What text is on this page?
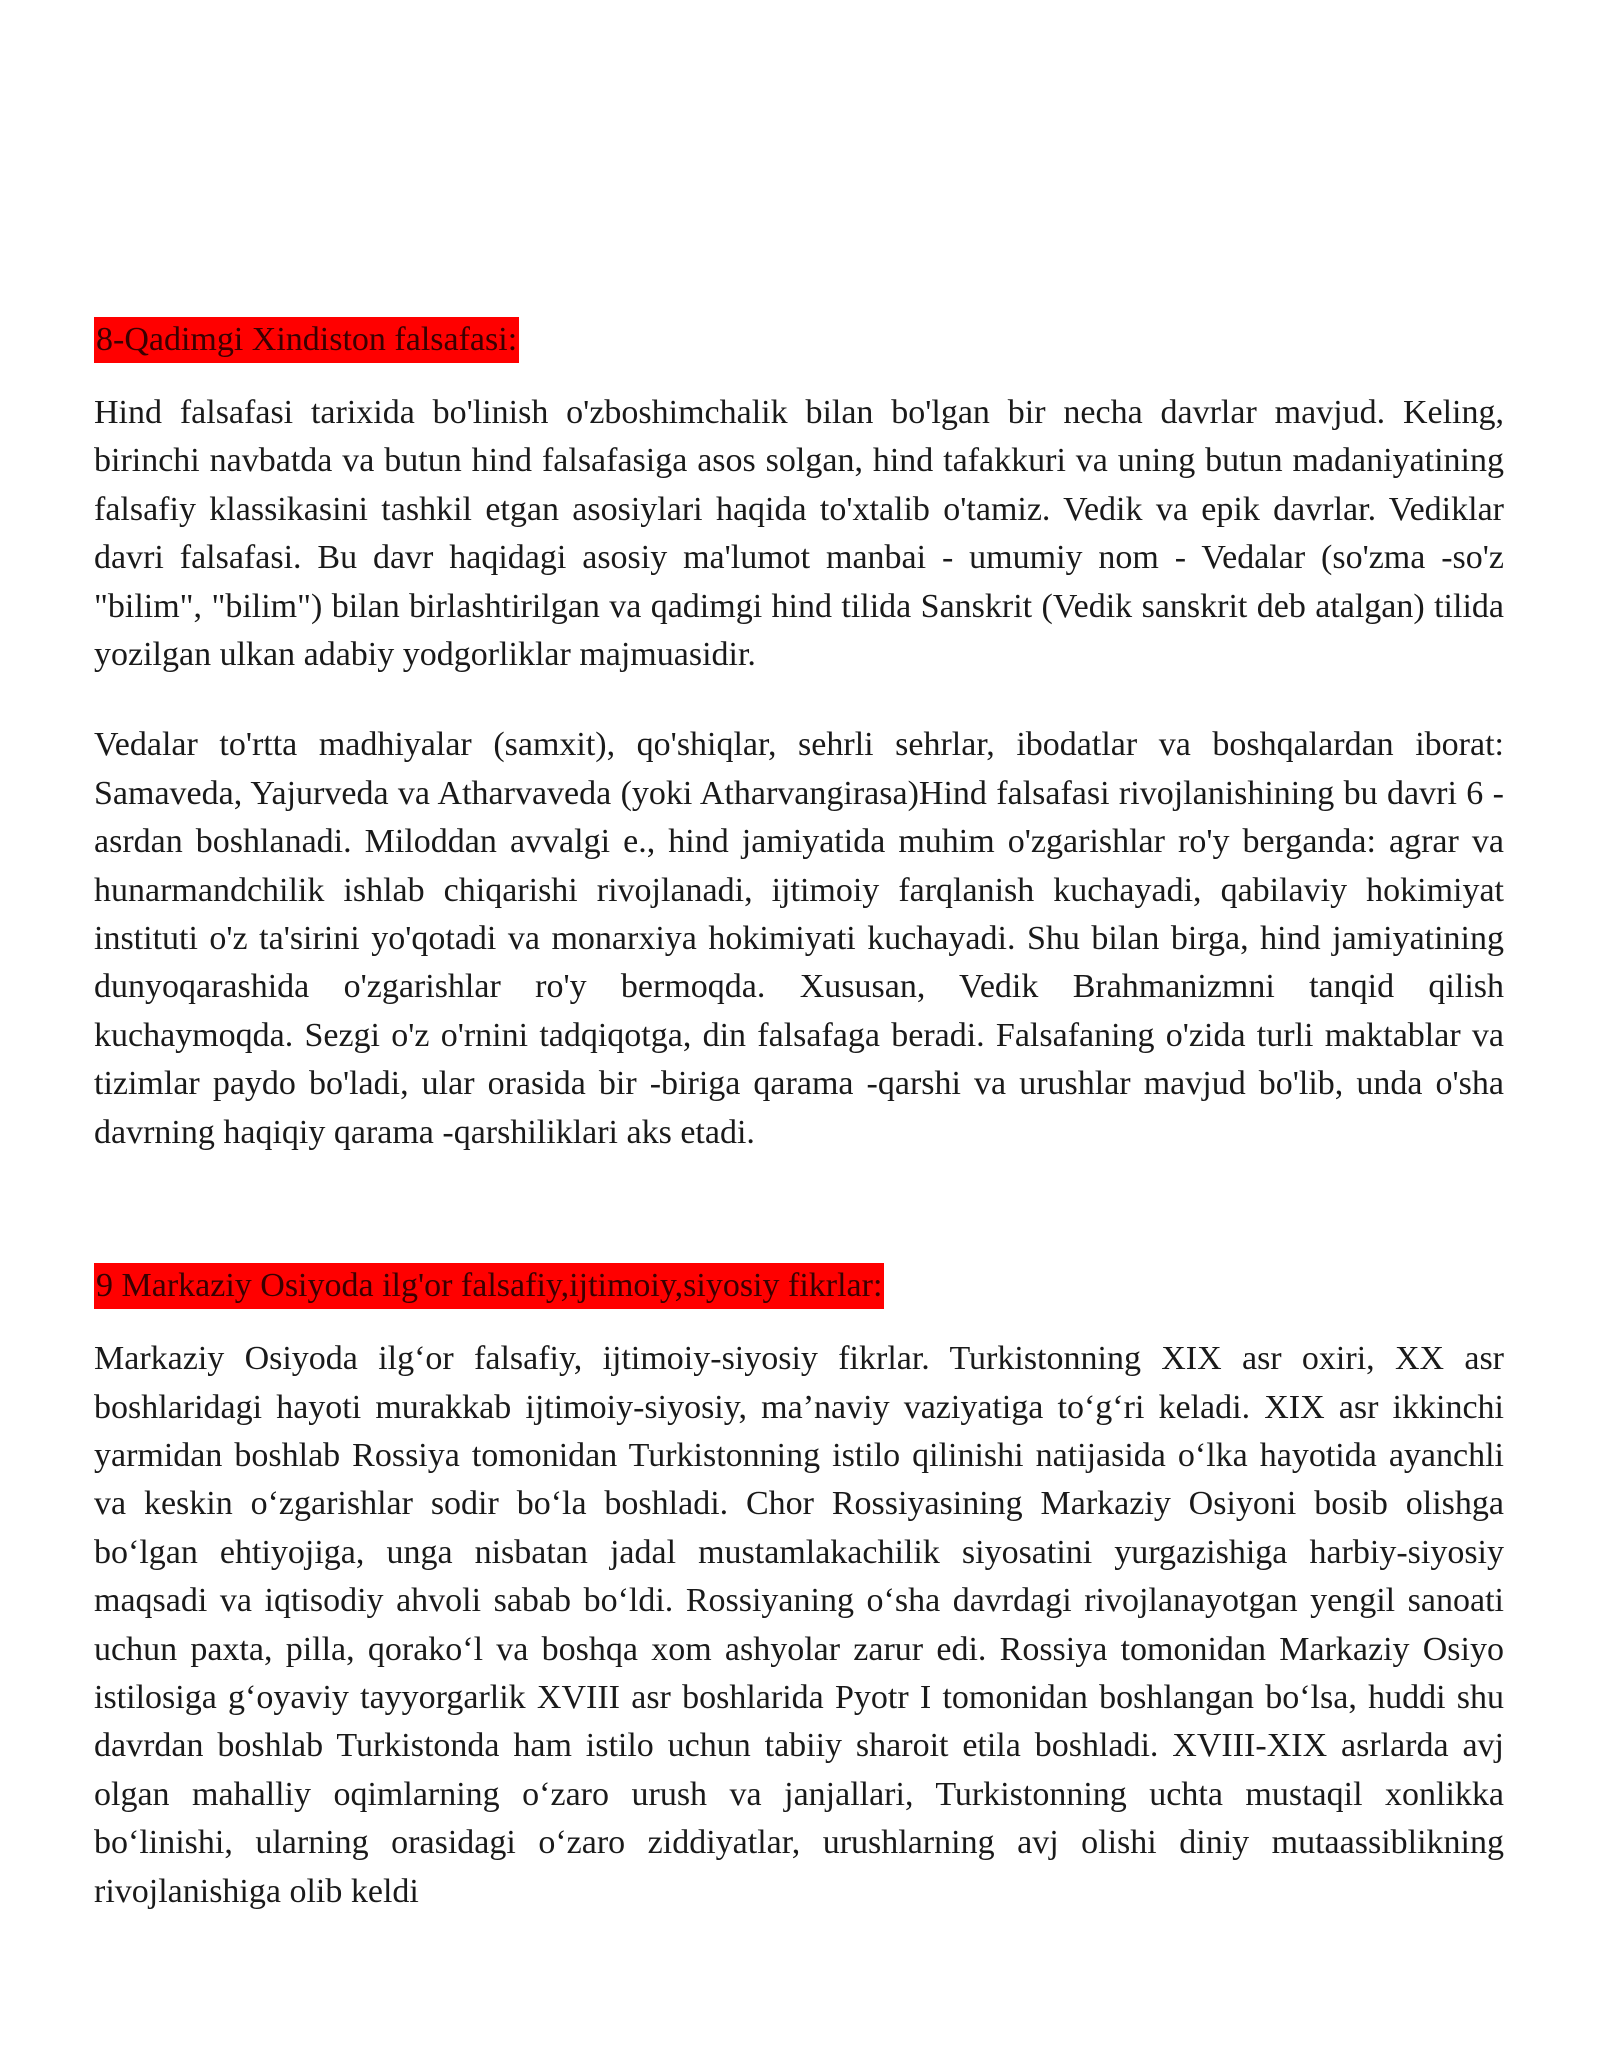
8-Qadimgi Xindiston falsafasi:

Hind falsafasi tarixida bo'linish o'zboshimchalik bilan bo'lgan bir necha davrlar mavjud. Keling, birinchi navbatda va butun hind falsafasiga asos solgan, hind tafakkuri va uning butun madaniyatining falsafiy klassikasini tashkil etgan asosiylari haqida to'xtalib o'tamiz. Vedik va epik davrlar. Vediklar davri falsafasi. Bu davr haqidagi asosiy ma'lumot manbai - umumiy nom - Vedalar (so'zma -so'z "bilim", "bilim") bilan birlashtirilgan va qadimgi hind tilida Sanskrit (Vedik sanskrit deb atalgan) tilida yozilgan ulkan adabiy yodgorliklar majmuasidir.

Vedalar to'rtta madhiyalar (samxit), qo'shiqlar, sehrli sehrlar, ibodatlar va boshqalardan iborat: Samaveda, Yajurveda va Atharvaveda (yoki Atharvangirasa)Hind falsafasi rivojlanishining bu davri 6 -asrdan boshlanadi. Miloddan avvalgi e., hind jamiyatida muhim o'zgarishlar ro'y berganda: agrar va hunarmandchilik ishlab chiqarishi rivojlanadi, ijtimoiy farqlanish kuchayadi, qabilaviy hokimiyat instituti o'z ta'sirini yo'qotadi va monarxiya hokimiyati kuchayadi. Shu bilan birga, hind jamiyatining dunyoqarashida o'zgarishlar ro'y bermoqda. Xususan, Vedik Brahmanizmni tanqid qilish kuchaymoqda. Sezgi o'z o'rnini tadqiqotga, din falsafaga beradi. Falsafaning o'zida turli maktablar va tizimlar paydo bo'ladi, ular orasida bir -biriga qarama -qarshi va urushlar mavjud bo'lib, unda o'sha davrning haqiqiy qarama -qarshiliklari aks etadi.

9 Markaziy Osiyoda ilg'or falsafiy,ijtimoiy,siyosiy fikrlar:

Markaziy Osiyoda ilg‘or falsafiy, ijtimoiy-siyosiy fikrlar. Turkistonning XIX asr oxiri, XX asr boshlaridagi hayoti murakkab ijtimoiy-siyosiy, ma’naviy vaziyatiga to‘g‘ri keladi. XIX asr ikkinchi yarmidan boshlab Rossiya tomonidan Turkistonning istilo qilinishi natijasida o‘lka hayotida ayanchli va keskin o‘zgarishlar sodir bo‘la boshladi. Chor Rossiyasining Markaziy Osiyoni bosib olishga bo‘lgan ehtiyojiga, unga nisbatan jadal mustamlakachilik siyosatini yurgazishiga harbiy-siyosiy maqsadi va iqtisodiy ahvoli sabab bo‘ldi. Rossiyaning o‘sha davrdagi rivojlanayotgan yengil sanoati uchun paxta, pilla, qorako‘l va boshqa xom ashyolar zarur edi. Rossiya tomonidan Markaziy Osiyo istilosiga g‘oyaviy tayyorgarlik XVIII asr boshlarida Pyotr I tomonidan boshlangan bo‘lsa, huddi shu davrdan boshlab Turkistonda ham istilo uchun tabiiy sharoit etila boshladi. XVIII-XIX asrlarda avj olgan mahalliy oqimlarning o‘zaro urush va janjallari, Turkistonning uchta mustaqil xonlikka bo‘linishi, ularning orasidagi o‘zaro ziddiyatlar, urushlarning avj olishi diniy mutaassiblikning rivojlanishiga olib keldi
